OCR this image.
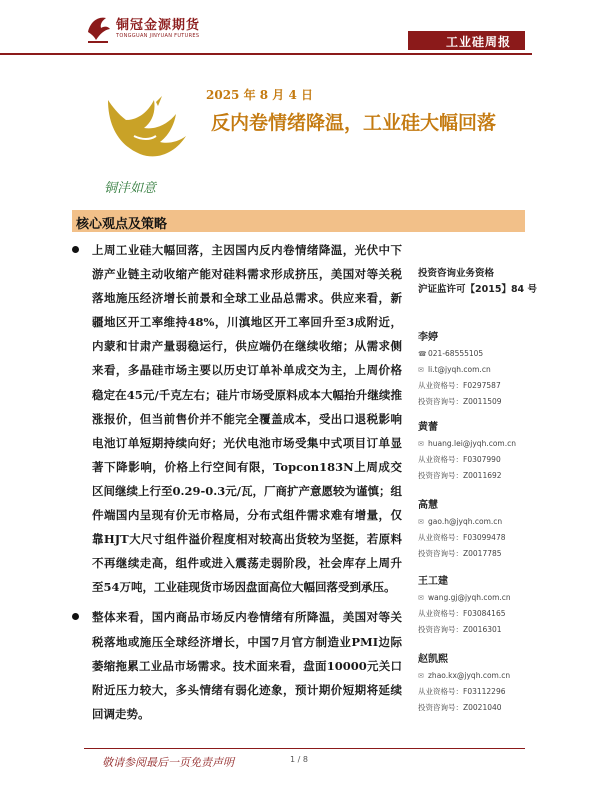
铜冠金源期货
TONGGUAN JINYUAN FUTURES	工业硅周报
铜沣如意
2025 年 8 月 4 日
反内卷情绪降温，工业硅大幅回落
核心观点及策略

上周工业硅大幅回落，主因国内反内卷情绪降温，光伏中下游产业链主动收缩产能对硅料需求形成挤压，美国对等关税落地施压经济增长前景和全球工业品总需求。供应来看，新疆地区开工率维持48%，川滇地区开工率回升至3成附近，内蒙和甘肃产量弱稳运行，供应端仍在继续收缩；从需求侧来看，多晶硅市场主要以历史订单补单成交为主，上周价格稳定在45元/千克左右；硅片市场受原料成本大幅抬升继续推涨报价，但当前售价并不能完全覆盖成本，受出口退税影响电池订单短期持续向好；光伏电池市场受集中式项目订单显著下降影响，价格上行空间有限，Topcon183N上周成交区间继续上行至0.29-0.3元/瓦，厂商扩产意愿较为谨慎；组件端国内呈现有价无市格局，分布式组件需求难有增量，仅靠HJT大尺寸组件溢价程度相对较高出货较为坚挺，若原料不再继续走高，组件或进入震荡走弱阶段，社会库存上周升至54万吨，工业硅现货市场因盘面高位大幅回落受到承压。

整体来看，国内商品市场反内卷情绪有所降温，美国对等关税落地或施压全球经济增长，中国7月官方制造业PMI边际萎缩拖累工业品市场需求。技术面来看，盘面10000元关口附近压力较大，多头情绪有弱化迹象，预计期价短期将延续回调走势。

投资咨询业务资格
沪证监许可【2015】84 号
李婷
☎021-68555105
✉ li.t@jyqh.com.cn
从业资格号：F0297587
投资咨询号：Z0011509
黄蕾
✉ huang.lei@jyqh.com.cn
从业资格号：F0307990
投资咨询号：Z0011692
高慧
✉ gao.h@jyqh.com.cn
从业资格号：F03099478
投资咨询号：Z0017785
王工建
✉ wang.gj@jyqh.com.cn
从业资格号：F03084165
投资咨询号：Z0016301
赵凯熙
✉ zhao.kx@jyqh.com.cn
从业资格号：F03112296
投资咨询号：Z0021040
敬请参阅最后一页免责声明	1 / 8
